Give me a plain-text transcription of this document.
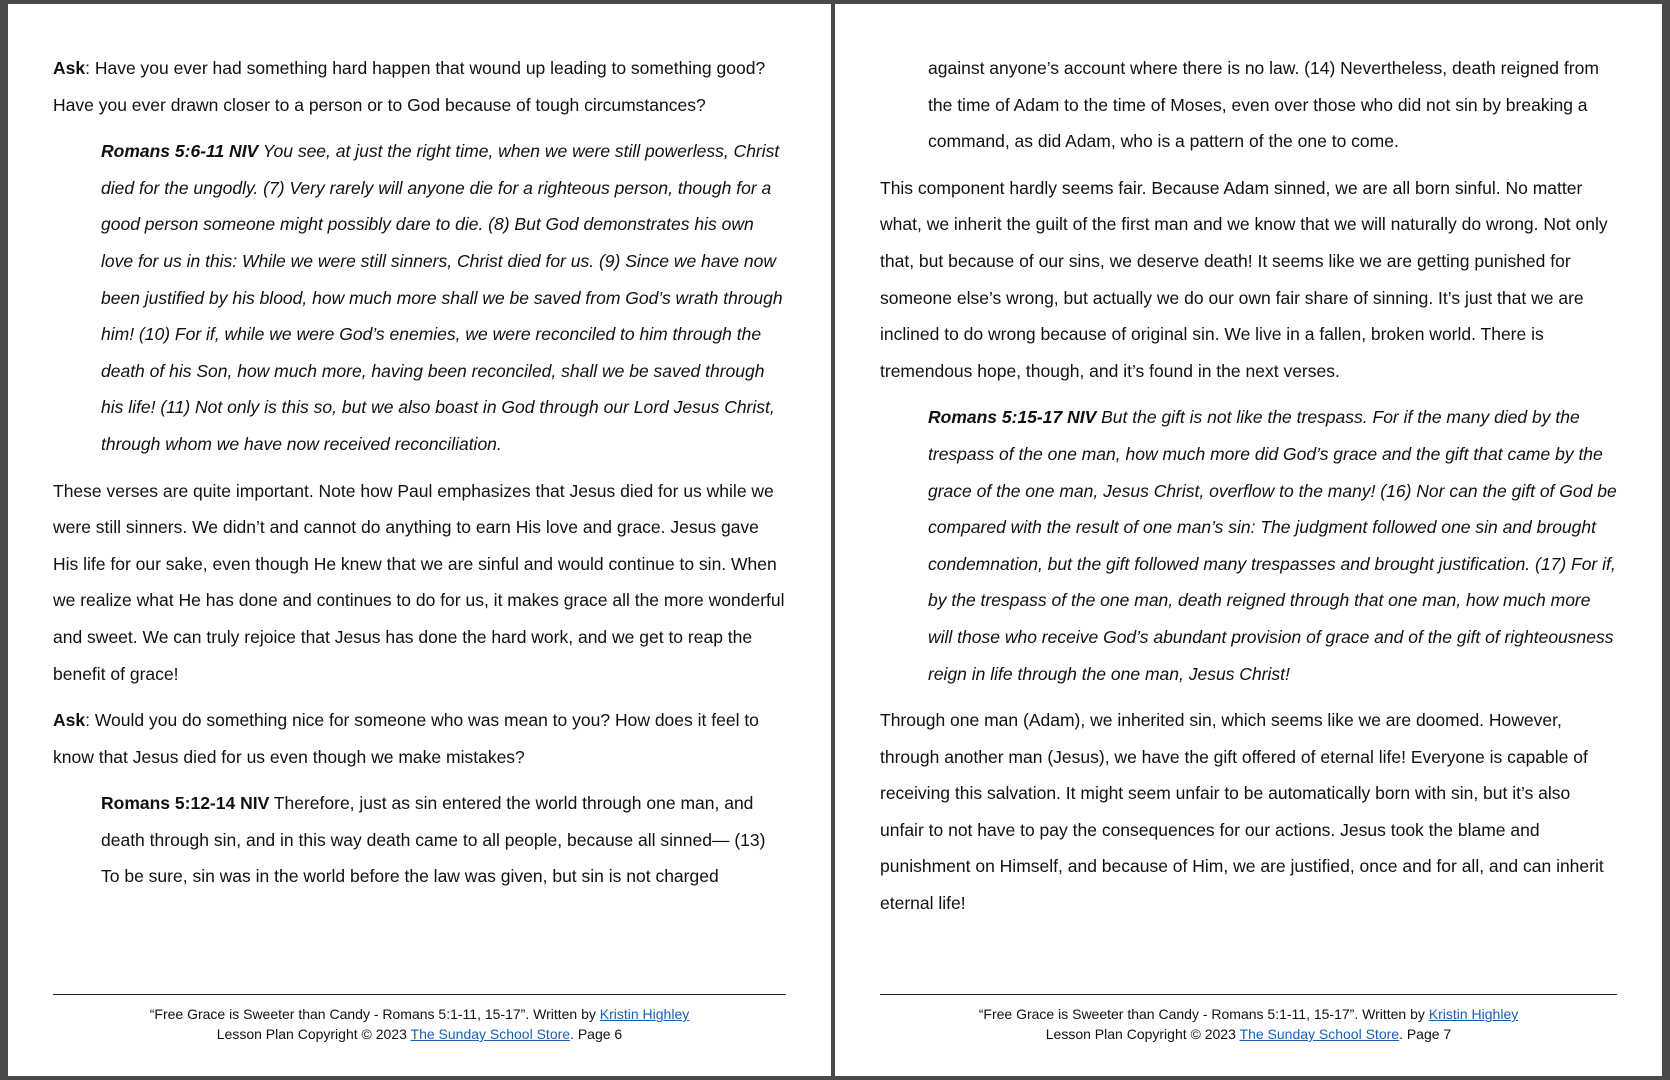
Ask: Have you ever had something hard happen that wound up leading to something good? Have you ever drawn closer to a person or to God because of tough circumstances?

Romans 5:6-11 NIV You see, at just the right time, when we were still powerless, Christ died for the ungodly. (7) Very rarely will anyone die for a righteous person, though for a good person someone might possibly dare to die. (8) But God demonstrates his own love for us in this: While we were still sinners, Christ died for us. (9) Since we have now been justified by his blood, how much more shall we be saved from God’s wrath through him! (10) For if, while we were God’s enemies, we were reconciled to him through the death of his Son, how much more, having been reconciled, shall we be saved through his life! (11) Not only is this so, but we also boast in God through our Lord Jesus Christ, through whom we have now received reconciliation.

These verses are quite important. Note how Paul emphasizes that Jesus died for us while we were still sinners. We didn’t and cannot do anything to earn His love and grace. Jesus gave His life for our sake, even though He knew that we are sinful and would continue to sin. When we realize what He has done and continues to do for us, it makes grace all the more wonderful and sweet. We can truly rejoice that Jesus has done the hard work, and we get to reap the benefit of grace!

Ask: Would you do something nice for someone who was mean to you? How does it feel to know that Jesus died for us even though we make mistakes?

Romans 5:12-14 NIV Therefore, just as sin entered the world through one man, and death through sin, and in this way death came to all people, because all sinned— (13) To be sure, sin was in the world before the law was given, but sin is not charged

“Free Grace is Sweeter than Candy - Romans 5:1-11, 15-17”. Written by Kristin Highley
Lesson Plan Copyright © 2023 The Sunday School Store. Page 6

against anyone’s account where there is no law. (14) Nevertheless, death reigned from the time of Adam to the time of Moses, even over those who did not sin by breaking a command, as did Adam, who is a pattern of the one to come.

This component hardly seems fair. Because Adam sinned, we are all born sinful. No matter what, we inherit the guilt of the first man and we know that we will naturally do wrong. Not only that, but because of our sins, we deserve death! It seems like we are getting punished for someone else’s wrong, but actually we do our own fair share of sinning. It’s just that we are inclined to do wrong because of original sin. We live in a fallen, broken world. There is tremendous hope, though, and it’s found in the next verses.

Romans 5:15-17 NIV But the gift is not like the trespass. For if the many died by the trespass of the one man, how much more did God’s grace and the gift that came by the grace of the one man, Jesus Christ, overflow to the many! (16) Nor can the gift of God be compared with the result of one man’s sin: The judgment followed one sin and brought condemnation, but the gift followed many trespasses and brought justification. (17) For if, by the trespass of the one man, death reigned through that one man, how much more will those who receive God’s abundant provision of grace and of the gift of righteousness reign in life through the one man, Jesus Christ!

Through one man (Adam), we inherited sin, which seems like we are doomed. However, through another man (Jesus), we have the gift offered of eternal life! Everyone is capable of receiving this salvation. It might seem unfair to be automatically born with sin, but it’s also unfair to not have to pay the consequences for our actions. Jesus took the blame and punishment on Himself, and because of Him, we are justified, once and for all, and can inherit eternal life!

“Free Grace is Sweeter than Candy - Romans 5:1-11, 15-17”. Written by Kristin Highley
Lesson Plan Copyright © 2023 The Sunday School Store. Page 7
